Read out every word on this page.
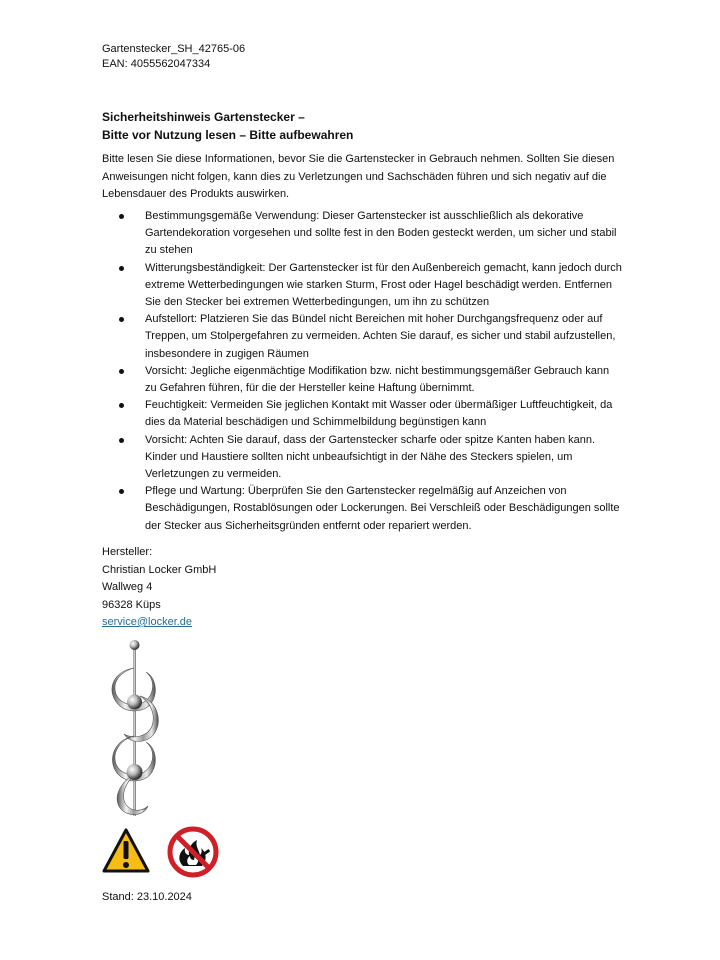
Gartenstecker_SH_42765-06
EAN: 4055562047334
Sicherheitshinweis Gartenstecker –
Bitte vor Nutzung lesen – Bitte aufbewahren

Bitte lesen Sie diese Informationen, bevor Sie die Gartenstecker in Gebrauch nehmen. Sollten Sie diesen Anweisungen nicht folgen, kann dies zu Verletzungen und Sachschäden führen und sich negativ auf die Lebensdauer des Produkts auswirken.

Bestimmungsgemäße Verwendung: Dieser Gartenstecker ist ausschließlich als dekorative Gartendekoration vorgesehen und sollte fest in den Boden gesteckt werden, um sicher und stabil zu stehen
Witterungsbeständigkeit: Der Gartenstecker ist für den Außenbereich gemacht, kann jedoch durch extreme Wetterbedingungen wie starken Sturm, Frost oder Hagel beschädigt werden. Entfernen Sie den Stecker bei extremen Wetterbedingungen, um ihn zu schützen
Aufstellort: Platzieren Sie das Bündel nicht Bereichen mit hoher Durchgangsfrequenz oder auf Treppen, um Stolpergefahren zu vermeiden. Achten Sie darauf, es sicher und stabil aufzustellen, insbesondere in zugigen Räumen
Vorsicht: Jegliche eigenmächtige Modifikation bzw. nicht bestimmungsgemäßer Gebrauch kann zu Gefahren führen, für die der Hersteller keine Haftung übernimmt.
Feuchtigkeit: Vermeiden Sie jeglichen Kontakt mit Wasser oder übermäßiger Luftfeuchtigkeit, da dies da Material beschädigen und Schimmelbildung begünstigen kann
Vorsicht: Achten Sie darauf, dass der Gartenstecker scharfe oder spitze Kanten haben kann. Kinder und Haustiere sollten nicht unbeaufsichtigt in der Nähe des Steckers spielen, um Verletzungen zu vermeiden.
Pflege und Wartung: Überprüfen Sie den Gartenstecker regelmäßig auf Anzeichen von Beschädigungen, Rostablösungen oder Lockerungen. Bei Verschleiß oder Beschädigungen sollte der Stecker aus Sicherheitsgründen entfernt oder repariert werden.
Hersteller:
Christian Locker GmbH
Wallweg 4
96328 Küps
service@locker.de
Stand: 23.10.2024
